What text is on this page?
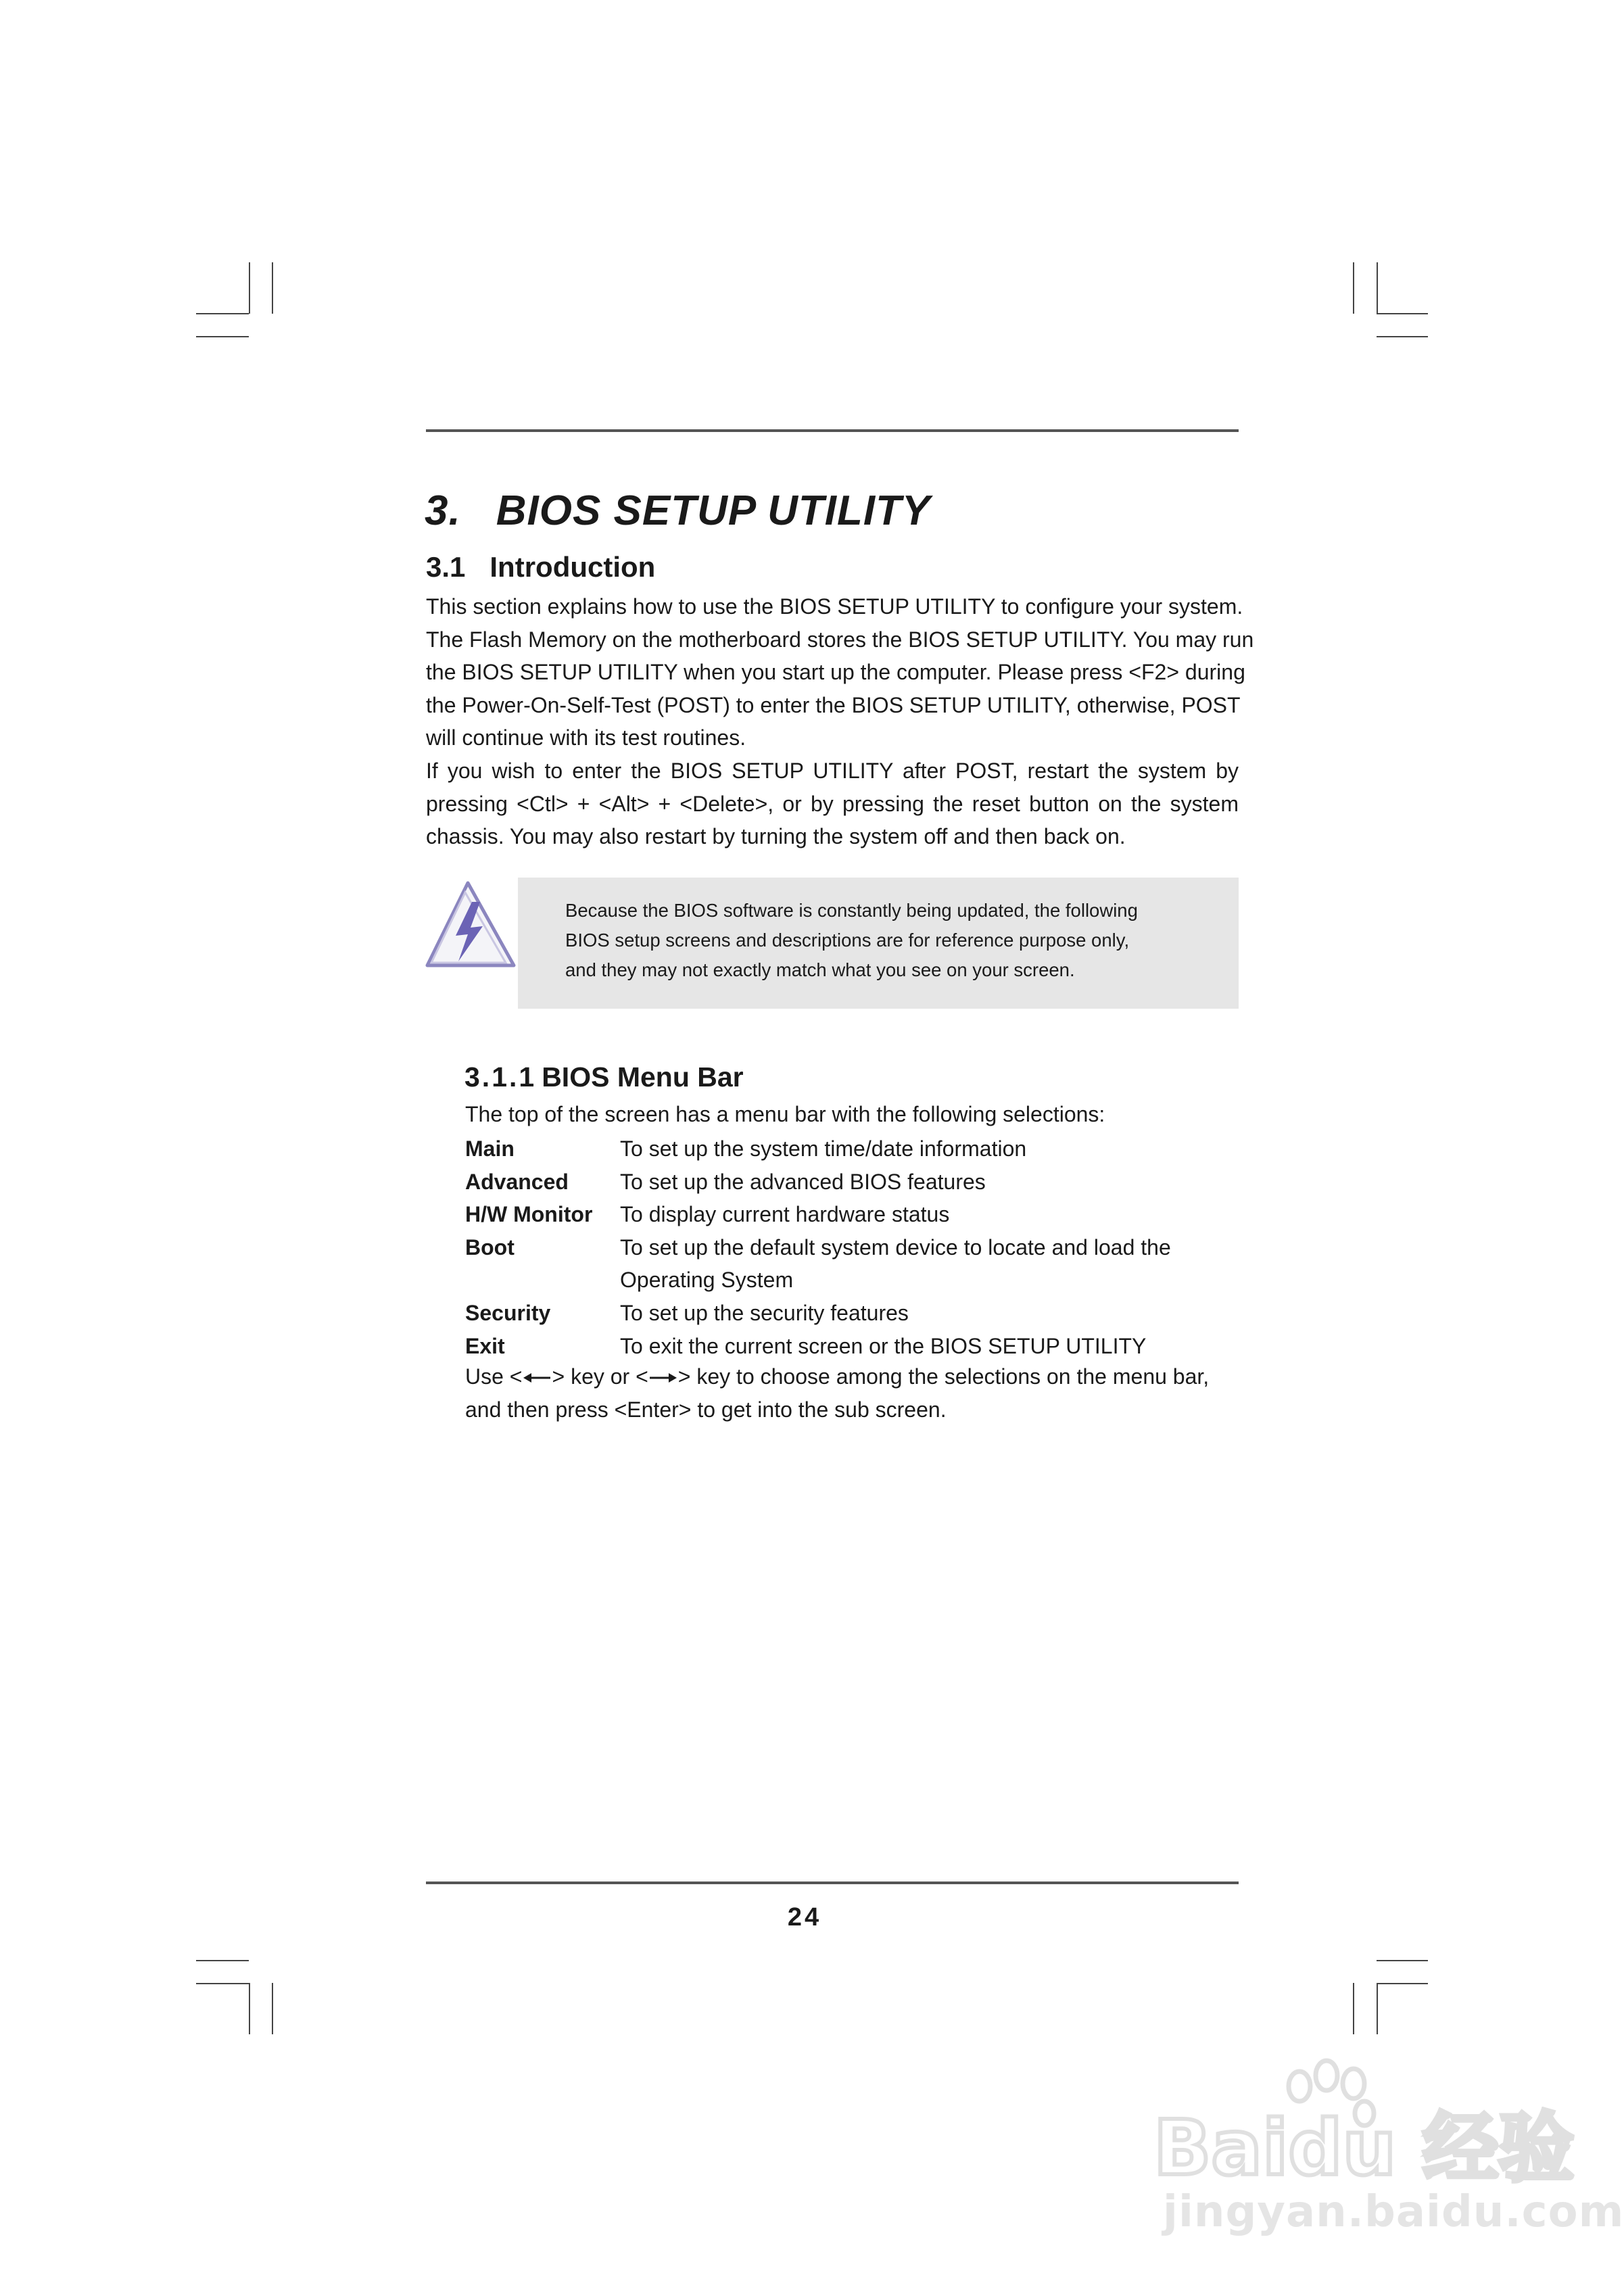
3. BIOS SETUP UTILITY
3.1 Introduction
This section explains how to use the BIOS SETUP UTILITY to configure your system.
The Flash Memory on the motherboard stores the BIOS SETUP UTILITY. You may run
the BIOS SETUP UTILITY when you start up the computer. Please press <F2> during
the Power-On-Self-Test (POST) to enter the BIOS SETUP UTILITY, otherwise, POST
will continue with its test routines.
If you wish to enter the BIOS SETUP UTILITY after POST, restart the system by
pressing <Ctl> + <Alt> + <Delete>, or by pressing the reset button on the system
chassis. You may also restart by turning the system off and then back on.
Because the BIOS software is constantly being updated, the following
BIOS setup screens and descriptions are for reference purpose only,
and they may not exactly match what you see on your screen.
3.1.1 BIOS Menu Bar
The top of the screen has a menu bar with the following selections:
Main	To set up the system time/date information
Advanced	To set up the advanced BIOS features
H/W Monitor	To display current hardware status
Boot	To set up the default system device to locate and load the
Operating System
Security	To set up the security features
Exit	To exit the current screen or the BIOS SETUP UTILITY
Use < > key or < > key to choose among the selections on the menu bar,
and then press <Enter> to get into the sub screen.
24
Baidu 经验
jingyan.baidu.com
